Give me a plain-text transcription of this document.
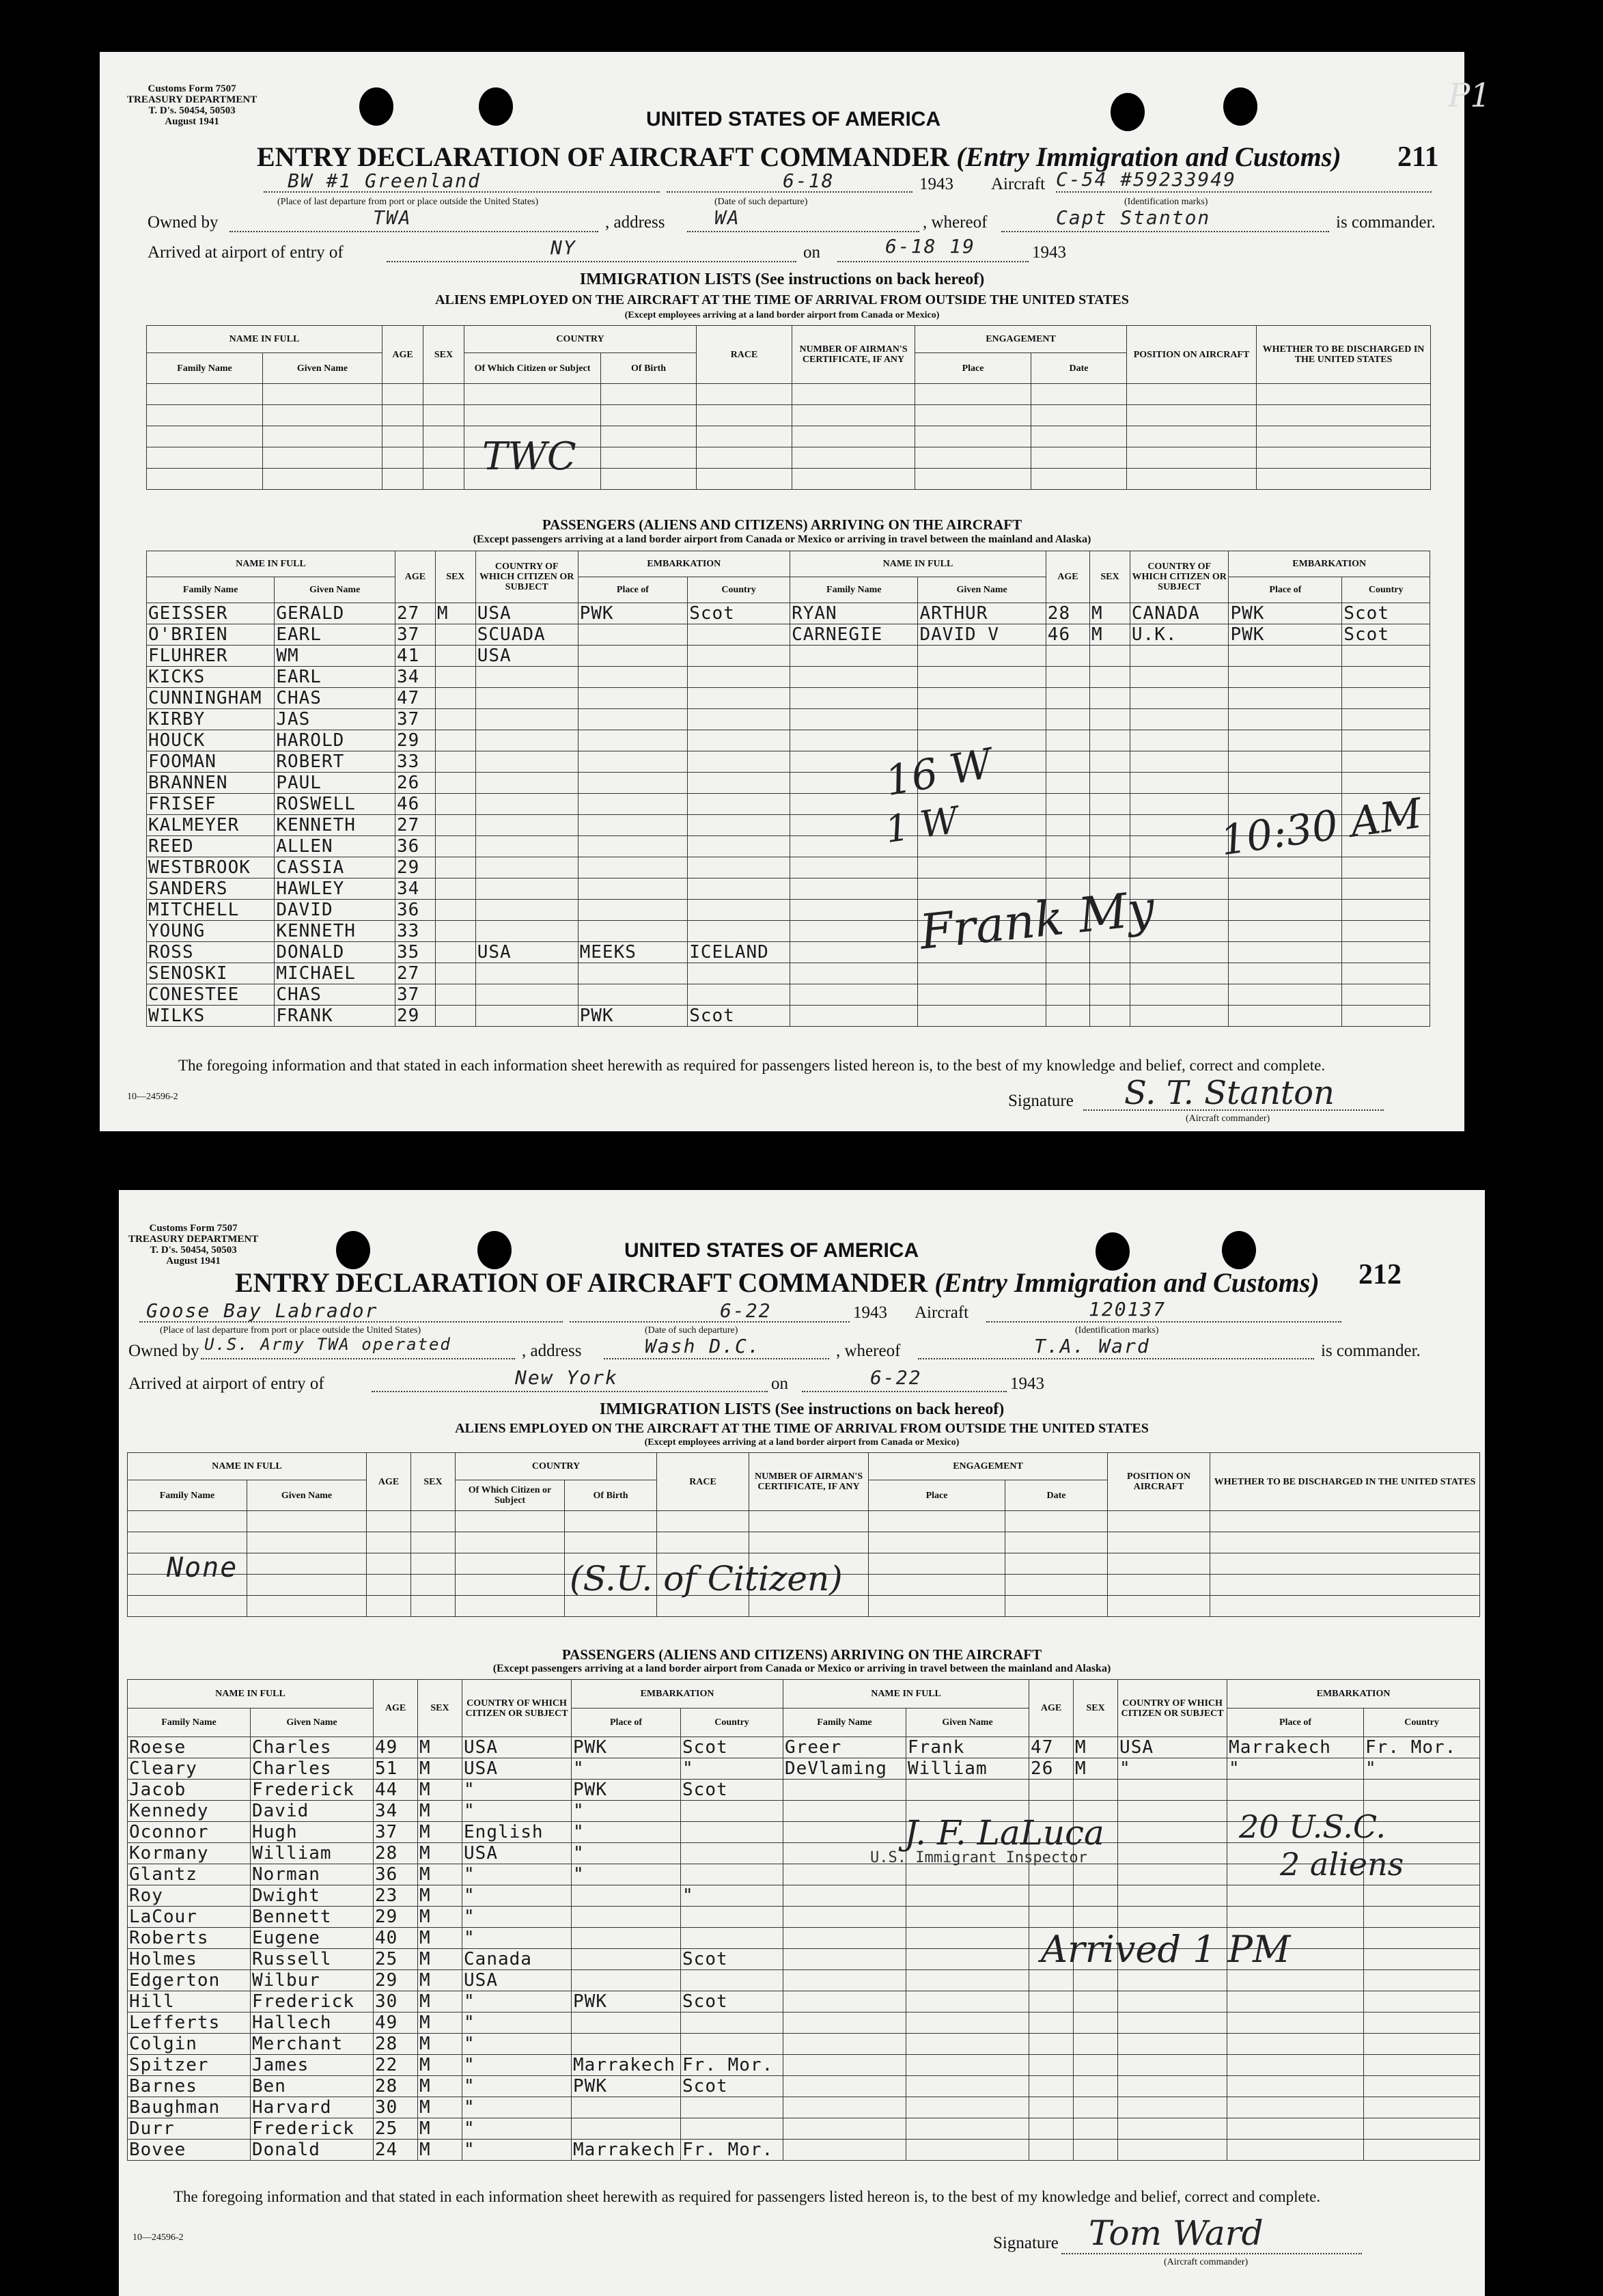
Customs Form 7507
TREASURY DEPARTMENT
T. D's. 50454, 50503
August 1941	UNITED STATES OF AMERICA
ENTRY DECLARATION OF AIRCRAFT COMMANDER (Entry Immigration and Customs) 211
BW #1 Greenland
(Place of last departure from port or place outside the United States)
6-18
(Date of such departure)
1943 Aircraft C-54 #59233949
(Identification marks)
Owned by	TWA	, address	WA	, whereof	Capt Stanton	is commander.
Arrived at airport of entry of	NY	on	6-18 19	1943
IMMIGRATION LISTS (See instructions on back hereof)
ALIENS EMPLOYED ON THE AIRCRAFT AT THE TIME OF ARRIVAL FROM OUTSIDE THE UNITED STATES
(Except employees arriving at a land border airport from Canada or Mexico)
NAME IN FULL		AGE	SEX	COUNTRY		RACE	NUMBER OF AIRMAN'S CERTIFICATE, IF ANY	ENGAGEMENT		POSITION ON AIRCRAFT	WHETHER TO BE DISCHARGED IN THE UNITED STATES
Family Name	Given Name			Of Which Citizen or Subject	Of Birth			Place	Date		

TWC
PASSENGERS (ALIENS AND CITIZENS) ARRIVING ON THE AIRCRAFT
(Except passengers arriving at a land border airport from Canada or Mexico or arriving in travel between the mainland and Alaska)
NAME IN FULL		AGE	SEX	COUNTRY OF WHICH CITIZEN OR SUBJECT	EMBARKATION		NAME IN FULL		AGE	SEX	COUNTRY OF WHICH CITIZEN OR SUBJECT	EMBARKATION	
Family Name	Given Name				Place of	Country	Family Name	Given Name				Place of	Country
GEISSER	GERALD	27	M	USA	PWK	Scot	RYAN	ARTHUR	28	M	CANADA	PWK	Scot
O'BRIEN	EARL	37		SCUADA			CARNEGIE	DAVID V	46	M	U.K.	PWK	Scot
FLUHRER	WM	41		USA									
KICKS	EARL	34											
CUNNINGHAM	CHAS	47											
KIRBY	JAS	37											
HOUCK	HAROLD	29											
FOOMAN	ROBERT	33											
BRANNEN	PAUL	26											
FRISEF	ROSWELL	46											
KALMEYER	KENNETH	27											
REED	ALLEN	36											
WESTBROOK	CASSIA	29											
SANDERS	HAWLEY	34											
MITCHELL	DAVID	36											
YOUNG	KENNETH	33											
ROSS	DONALD	35		USA	MEEKS	ICELAND							
SENOSKI	MICHAEL	27											
CONESTEE	CHAS	37											
WILKS	FRANK	29			PWK	Scot							
16 W
1 W	10:30 AM
Frank My
The foregoing information and that stated in each information sheet herewith as required for passengers listed hereon is, to the best of my knowledge and belief, correct and complete.
10—24596-2	Signature S. T. Stanton
(Aircraft commander)
P1
Customs Form 7507
TREASURY DEPARTMENT
T. D's. 50454, 50503
August 1941	UNITED STATES OF AMERICA
ENTRY DECLARATION OF AIRCRAFT COMMANDER (Entry Immigration and Customs) 212
Goose Bay Labrador
(Place of last departure from port or place outside the United States)
6-22
(Date of such departure)
1943 Aircraft	120137
(Identification marks)
Owned by U.S. Army TWA operated	, address	Wash D.C.	, whereof	T.A. Ward	is commander.
Arrived at airport of entry of	New York	on	6-22	1943
IMMIGRATION LISTS (See instructions on back hereof)
ALIENS EMPLOYED ON THE AIRCRAFT AT THE TIME OF ARRIVAL FROM OUTSIDE THE UNITED STATES
(Except employees arriving at a land border airport from Canada or Mexico)
NAME IN FULL		AGE	SEX	COUNTRY		RACE	NUMBER OF AIRMAN'S CERTIFICATE, IF ANY	ENGAGEMENT		POSITION ON AIRCRAFT	WHETHER TO BE DISCHARGED IN THE UNITED STATES
Family Name	Given Name			Of Which Citizen or Subject	Of Birth			Place	Date		

None	(S.U. of Citizen)
PASSENGERS (ALIENS AND CITIZENS) ARRIVING ON THE AIRCRAFT
(Except passengers arriving at a land border airport from Canada or Mexico or arriving in travel between the mainland and Alaska)
NAME IN FULL		AGE	SEX	COUNTRY OF WHICH CITIZEN OR SUBJECT	EMBARKATION		NAME IN FULL		AGE	SEX	COUNTRY OF WHICH CITIZEN OR SUBJECT	EMBARKATION	
Family Name	Given Name				Place of	Country	Family Name	Given Name				Place of	Country
Roese	Charles	49	M	USA	PWK	Scot	Greer	Frank	47	M	USA	Marrakech	Fr. Mor.
Cleary	Charles	51	M	USA	"	"	DeVlaming	William	26	M	"	"	"
Jacob	Frederick	44	M	"	PWK	Scot							
Kennedy	David	34	M	"	"								
Oconnor	Hugh	37	M	English	"								
Kormany	William	28	M	USA	"								
Glantz	Norman	36	M	"	"								
Roy	Dwight	23	M	"		"							
LaCour	Bennett	29	M	"									
Roberts	Eugene	40	M	"									
Holmes	Russell	25	M	Canada		Scot							
Edgerton	Wilbur	29	M	USA									
Hill	Frederick	30	M	"	PWK	Scot							
Lefferts	Hallech	49	M	"									
Colgin	Merchant	28	M	"									
Spitzer	James	22	M	"	Marrakech	Fr. Mor.							
Barnes	Ben	28	M	"	PWK	Scot							
Baughman	Harvard	30	M	"									
Durr	Frederick	25	M	"									
Bovee	Donald	24	M	"	Marrakech	Fr. Mor.							
J. F. LaLuca
U.S. Immigrant Inspector
20 U.S.C.
2 aliens
Arrived 1 PM
The foregoing information and that stated in each information sheet herewith as required for passengers listed hereon is, to the best of my knowledge and belief, correct and complete.
10—24596-2	Signature Tom Ward
(Aircraft commander)
